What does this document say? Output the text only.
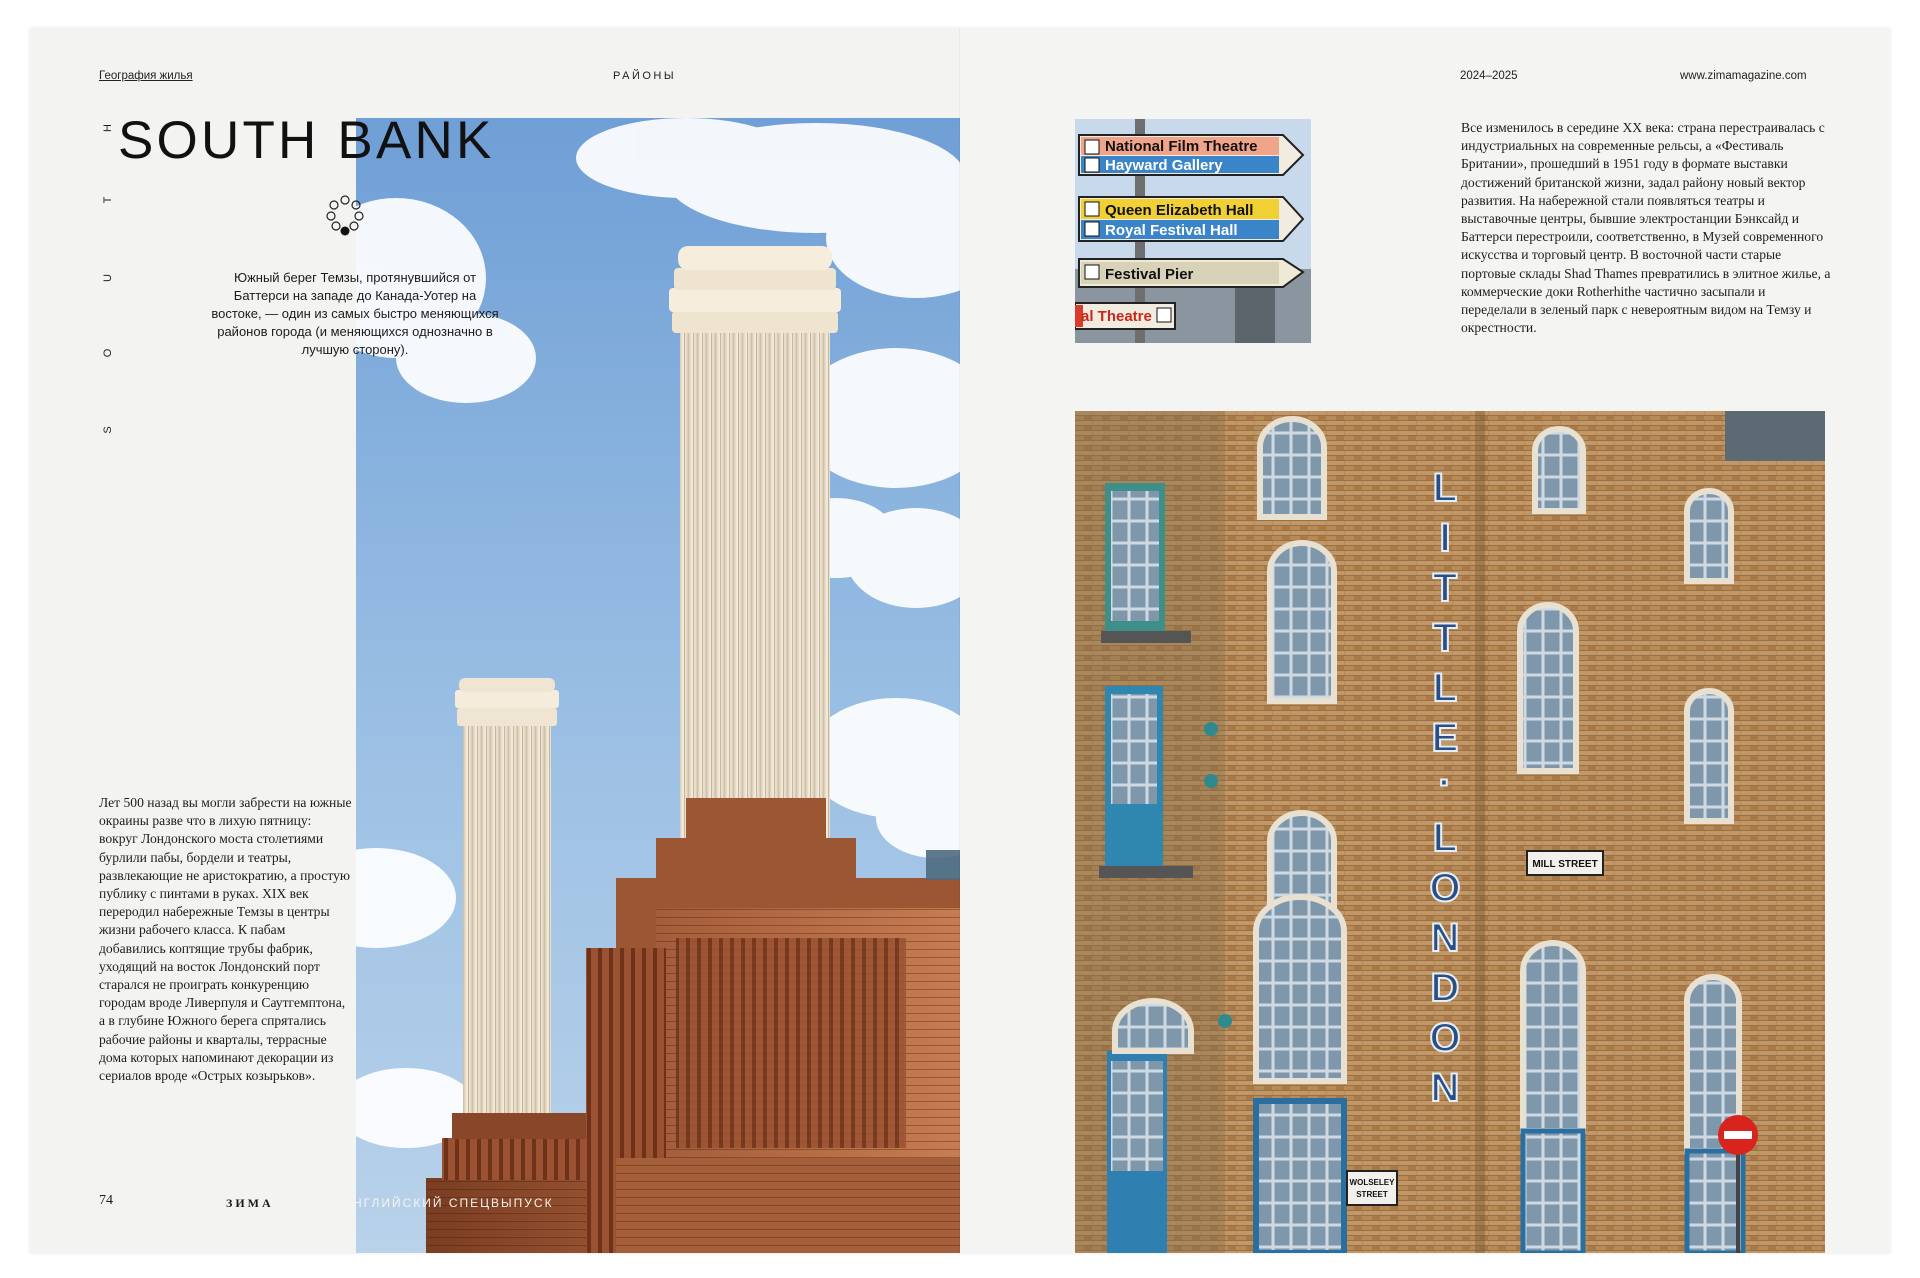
География жилья	РАЙОНЫ
H
T
U
O
S
SOUTH BANK
Южный берег Темзы, протянувшийся от Баттерси на западе до Канада-Уотер на востоке, — один из самых быстро меняющихся районов города (и меняющихся однозначно в лучшую сторону).
Лет 500 назад вы могли забрести на южные окраины разве что в лихую пятницу: вокруг Лондонского моста столетиями бурлили пабы, бордели и театры, развлекающие не аристократию, а простую публику с пинтами в руках. XIX век переродил набережные Темзы в центры жизни рабочего класса. К пабам добавились коптящие трубы фабрик, уходящий на восток Лондонский порт старался не проиграть конкуренцию городам вроде Ливерпуля и Саутгемптона, а в глубине Южного берега спрятались рабочие районы и кварталы, террасные дома которых напоминают декорации из сериалов вроде «Острых козырьков».
74	ЗИМА	АНГЛИЙСКИЙ СПЕЦВЫПУСК
2024–2025	www.zimamagazine.com
National Film Theatre
Hayward Gallery
Queen Elizabeth Hall
Royal Festival Hall
Festival Pier
al Theatre
Все изменилось в середине XX века: страна перестраивалась с индустриальных на современные рельсы, а «Фестиваль Британии», прошедший в 1951 году в формате выставки достижений британской жизни, задал району новый вектор развития. На набережной стали появляться театры и выставочные центры, бывшие электростанции Бэнксайд и Баттерси перестроили, соответственно, в Музей современного искусства и торговый центр. В восточной части старые портовые склады Shad Thames превратились в элитное жилье, а коммерческие доки Rotherhithe частично засыпали и переделали в зеленый парк с невероятным видом на Темзу и окрестности.
L
I
T
T
L
E
·
L
O
N
D
O
N
MILL STREET
WOLSELEY
STREET
